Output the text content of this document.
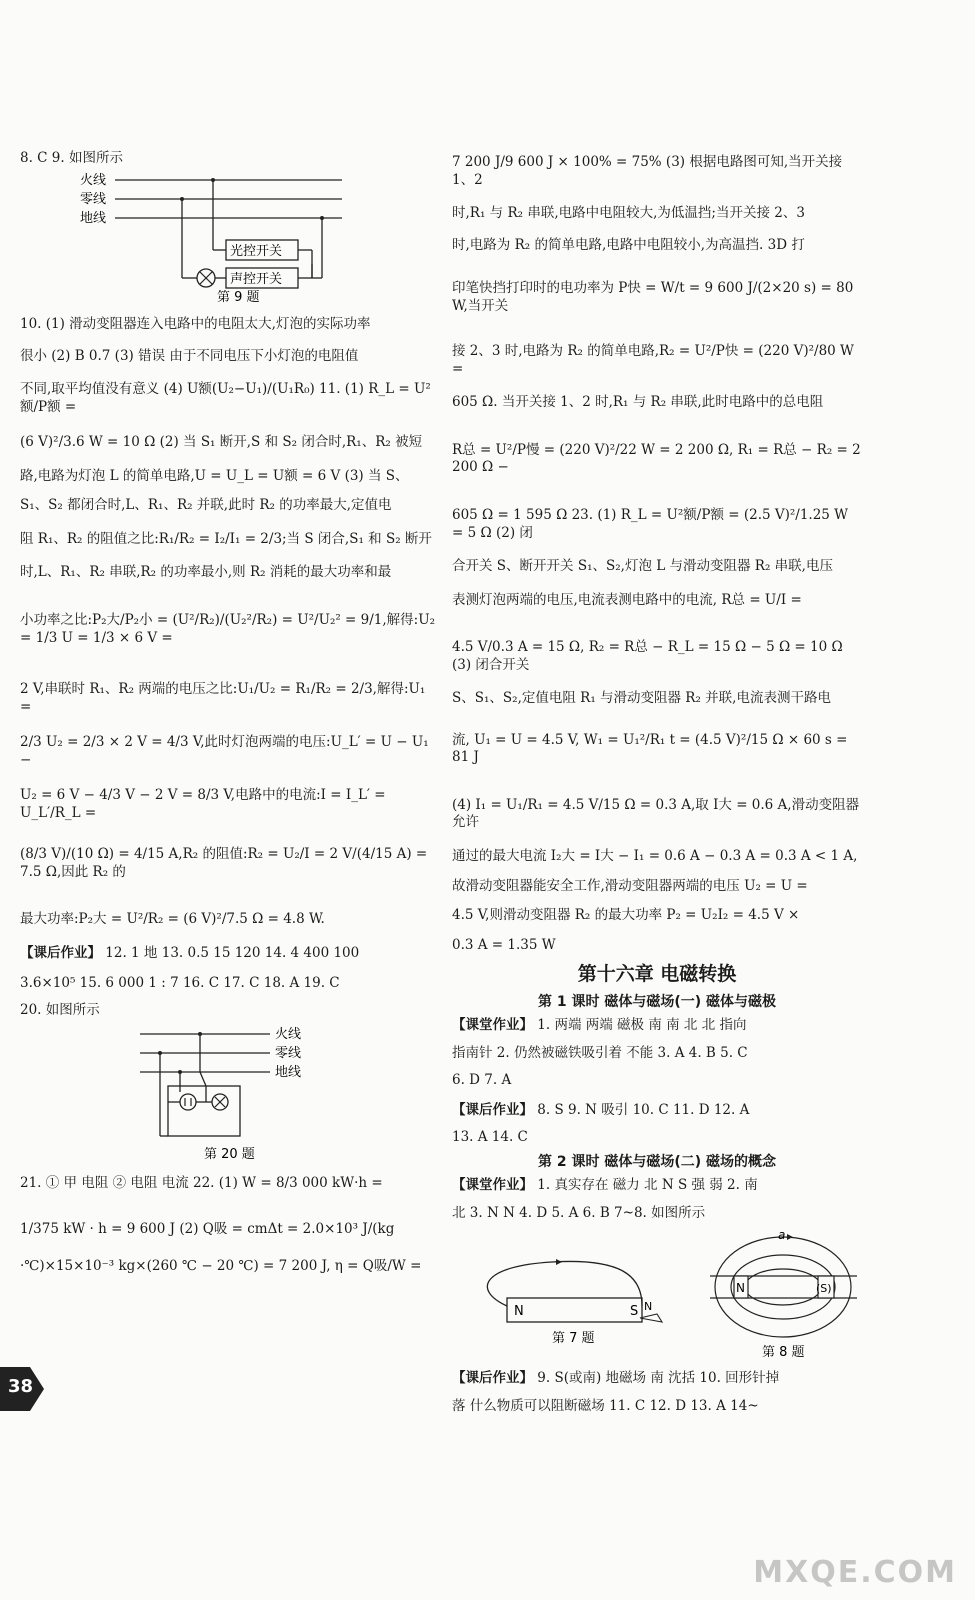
8. C 9. 如图所示

火线
零线
地线
光控开关
声控开关
第 9 题

10. (1) 滑动变阻器连入电路中的电阻太大,灯泡的实际功率

很小 (2) B 0.7 (3) 错误 由于不同电压下小灯泡的电阻值

不同,取平均值没有意义 (4) U额(U₂−U₁)/(U₁R₀) 11. (1) R_L = U²额/P额 =

(6 V)²/3.6 W = 10 Ω (2) 当 S₁ 断开,S 和 S₂ 闭合时,R₁、R₂ 被短

路,电路为灯泡 L 的简单电路,U = U_L = U额 = 6 V (3) 当 S、

S₁、S₂ 都闭合时,L、R₁、R₂ 并联,此时 R₂ 的功率最大,定值电

阻 R₁、R₂ 的阻值之比:R₁/R₂ = I₂/I₁ = 2/3;当 S 闭合,S₁ 和 S₂ 断开

时,L、R₁、R₂ 串联,R₂ 的功率最小,则 R₂ 消耗的最大功率和最

小功率之比:P₂大/P₂小 = (U²/R₂)/(U₂²/R₂) = U²/U₂² = 9/1,解得:U₂ = 1/3 U = 1/3 × 6 V =

2 V,串联时 R₁、R₂ 两端的电压之比:U₁/U₂ = R₁/R₂ = 2/3,解得:U₁ =

2/3 U₂ = 2/3 × 2 V = 4/3 V,此时灯泡两端的电压:U_L′ = U − U₁ −

U₂ = 6 V − 4/3 V − 2 V = 8/3 V,电路中的电流:I = I_L′ = U_L′/R_L =

(8/3 V)/(10 Ω) = 4/15 A,R₂ 的阻值:R₂ = U₂/I = 2 V/(4/15 A) = 7.5 Ω,因此 R₂ 的

最大功率:P₂大 = U²/R₂ = (6 V)²/7.5 Ω = 4.8 W.

【课后作业】 12. 1 地 13. 0.5 15 120 14. 4 400 100

3.6×10⁵ 15. 6 000 1 : 7 16. C 17. C 18. A 19. C

20. 如图所示

火线
零线
地线
第 20 题

21. ① 甲 电阻 ② 电阻 电流 22. (1) W = 8/3 000 kW·h =

1/375 kW · h = 9 600 J (2) Q吸 = cmΔt = 2.0×10³ J/(kg

·℃)×15×10⁻³ kg×(260 ℃ − 20 ℃) = 7 200 J, η = Q吸/W =

7 200 J/9 600 J × 100% = 75% (3) 根据电路图可知,当开关接 1、2

时,R₁ 与 R₂ 串联,电路中电阻较大,为低温挡;当开关接 2、3

时,电路为 R₂ 的简单电路,电路中电阻较小,为高温挡. 3D 打

印笔快挡打印时的电功率为 P快 = W/t = 9 600 J/(2×20 s) = 80 W,当开关

接 2、3 时,电路为 R₂ 的简单电路,R₂ = U²/P快 = (220 V)²/80 W =

605 Ω. 当开关接 1、2 时,R₁ 与 R₂ 串联,此时电路中的总电阻

R总 = U²/P慢 = (220 V)²/22 W = 2 200 Ω, R₁ = R总 − R₂ = 2 200 Ω −

605 Ω = 1 595 Ω 23. (1) R_L = U²额/P额 = (2.5 V)²/1.25 W = 5 Ω (2) 闭

合开关 S、断开开关 S₁、S₂,灯泡 L 与滑动变阻器 R₂ 串联,电压

表测灯泡两端的电压,电流表测电路中的电流, R总 = U/I =

4.5 V/0.3 A = 15 Ω, R₂ = R总 − R_L = 15 Ω − 5 Ω = 10 Ω (3) 闭合开关

S、S₁、S₂,定值电阻 R₁ 与滑动变阻器 R₂ 并联,电流表测干路电

流, U₁ = U = 4.5 V, W₁ = U₁²/R₁ t = (4.5 V)²/15 Ω × 60 s = 81 J

(4) I₁ = U₁/R₁ = 4.5 V/15 Ω = 0.3 A,取 I大 = 0.6 A,滑动变阻器允许

通过的最大电流 I₂大 = I大 − I₁ = 0.6 A − 0.3 A = 0.3 A < 1 A,

故滑动变阻器能安全工作,滑动变阻器两端的电压 U₂ = U =

4.5 V,则滑动变阻器 R₂ 的最大功率 P₂ = U₂I₂ = 4.5 V ×

0.3 A = 1.35 W

第十六章 电磁转换
第 1 课时 磁体与磁场(一) 磁体与磁极

【课堂作业】 1. 两端 两端 磁极 南 南 北 北 指向

指南针 2. 仍然被磁铁吸引着 不能 3. A 4. B 5. C

6. D 7. A

【课后作业】 8. S 9. N 吸引 10. C 11. D 12. A

13. A 14. C

第 2 课时 磁体与磁场(二) 磁场的概念

【课堂作业】 1. 真实存在 磁力 北 N S 强 弱 2. 南

北 3. N N 4. D 5. A 6. B 7~8. 如图所示

N	S N
第 7 题
N	(S)
a
第 8 题

【课后作业】 9. S(或南) 地磁场 南 沈括 10. 回形针掉

落 什么物质可以阻断磁场 11. C 12. D 13. A 14~

38
MXQE.COM
